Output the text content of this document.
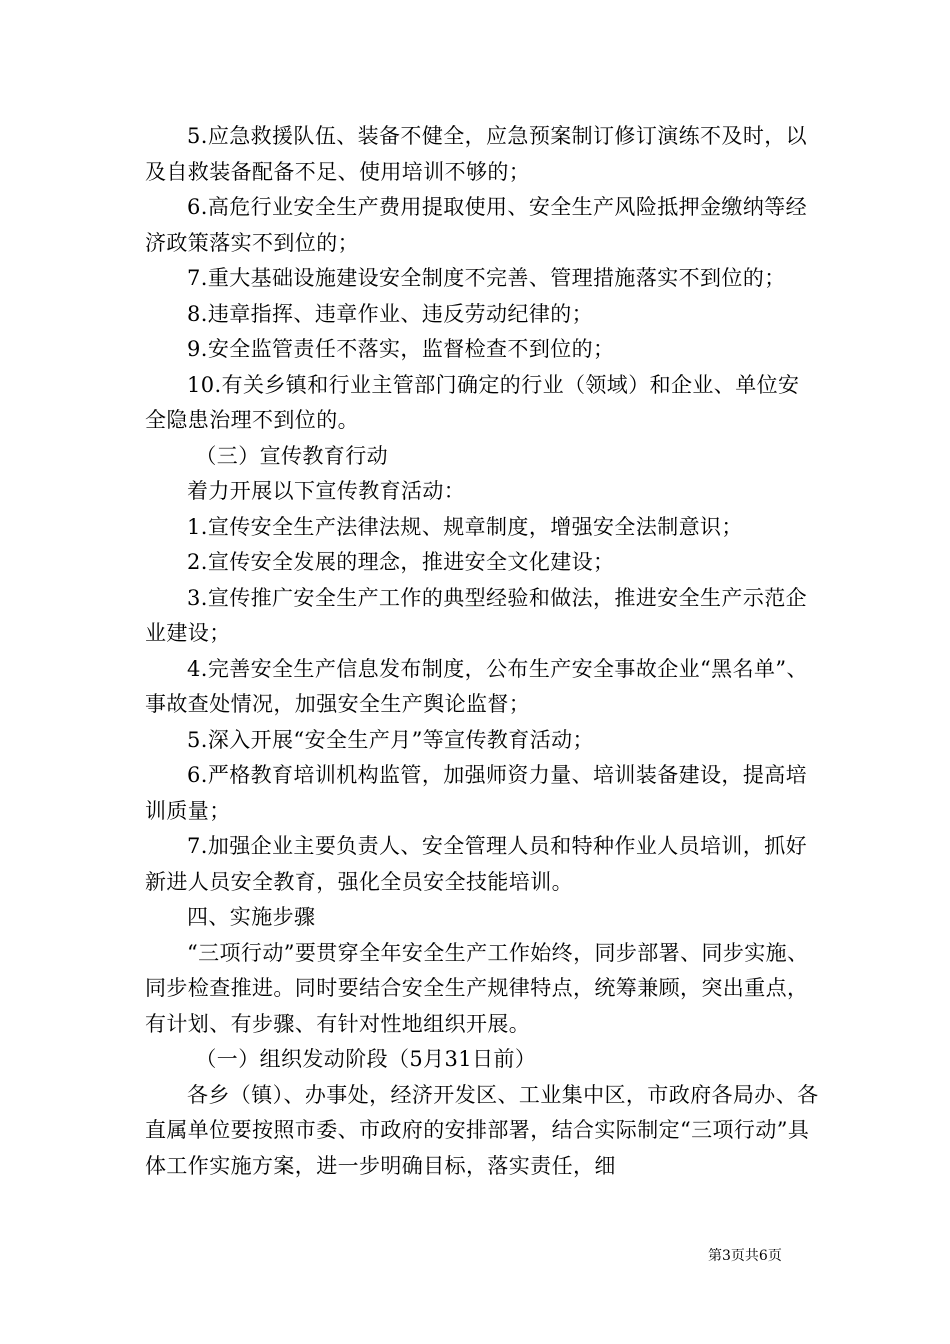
5.应急救援队伍、装备不健全，应急预案制订修订演练不及时，以及自救装备配备不足、使用培训不够的；

6.高危行业安全生产费用提取使用、安全生产风险抵押金缴纳等经济政策落实不到位的；

7.重大基础设施建设安全制度不完善、管理措施落实不到位的；

8.违章指挥、违章作业、违反劳动纪律的；

9.安全监管责任不落实，监督检查不到位的；

10.有关乡镇和行业主管部门确定的行业（领域）和企业、单位安全隐患治理不到位的。

（三）宣传教育行动

着力开展以下宣传教育活动：

1.宣传安全生产法律法规、规章制度，增强安全法制意识；

2.宣传安全发展的理念，推进安全文化建设；

3.宣传推广安全生产工作的典型经验和做法，推进安全生产示范企业建设；

4.完善安全生产信息发布制度，公布生产安全事故企业“黑名单”、事故查处情况，加强安全生产舆论监督；

5.深入开展“安全生产月”等宣传教育活动；

6.严格教育培训机构监管，加强师资力量、培训装备建设，提高培训质量；

7.加强企业主要负责人、安全管理人员和特种作业人员培训，抓好新进人员安全教育，强化全员安全技能培训。

四、实施步骤

“三项行动”要贯穿全年安全生产工作始终，同步部署、同步实施、同步检查推进。同时要结合安全生产规律特点，统筹兼顾，突出重点，有计划、有步骤、有针对性地组织开展。

（一）组织发动阶段（5月31日前）

各乡（镇）、办事处，经济开发区、工业集中区，市政府各局办、各直属单位要按照市委、市政府的安排部署，结合实际制定“三项行动”具体工作实施方案，进一步明确目标，落实责任，细

第3页共6页
